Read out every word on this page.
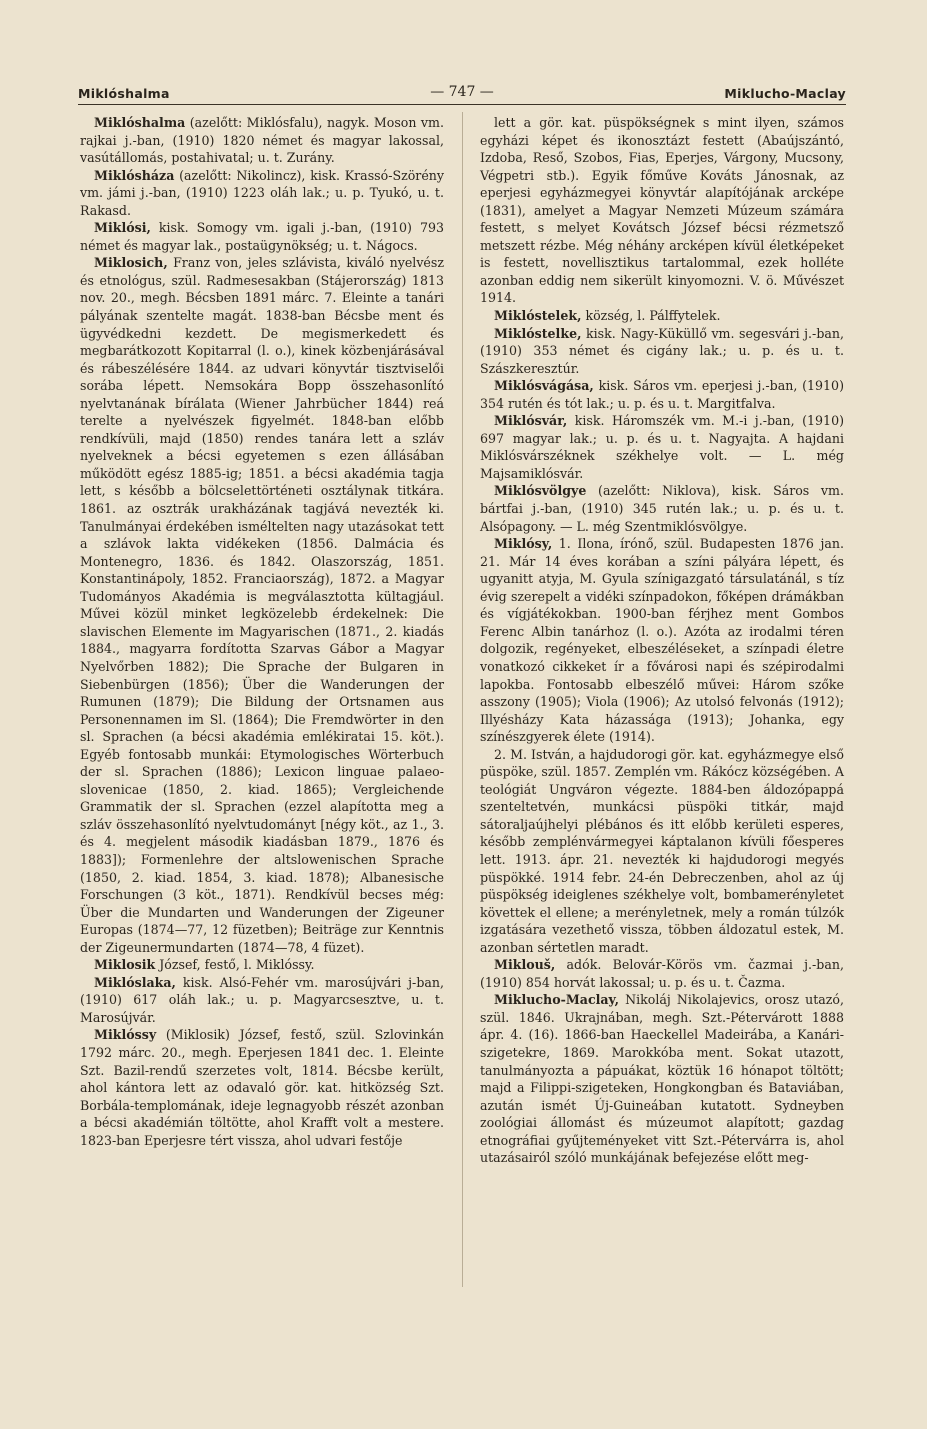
Miklóshalma	— 747 —	Miklucho-Maclay

Miklóshalma (azelőtt: Miklósfalu), nagyk. Moson vm. rajkai j.-ban, (1910) 1820 német és magyar lakossal, vasútállomás, postahivatal; u. t. Zurány.

Miklósháza (azelőtt: Nikolincz), kisk. Krassó-Szörény vm. jámi j.-ban, (1910) 1223 oláh lak.; u. p. Tyukó, u. t. Rakasd.

Miklósi, kisk. Somogy vm. igali j.-ban, (1910) 793 német és magyar lak., postaügynökség; u. t. Nágocs.

Miklosich, Franz von, jeles szlávista, kiváló nyelvész és etnológus, szül. Radmesesakban (Stájerország) 1813 nov. 20., megh. Bécsben 1891 márc. 7. Eleinte a tanári pályának szentelte magát. 1838-ban Bécsbe ment és ügyvédkedni kezdett. De megismerkedett és megbarátkozott Kopitarral (l. o.), kinek közbenjárásával és rábeszélésére 1844. az udvari könyvtár tisztviselői sorába lépett. Nemsokára Bopp összehasonlító nyelvtanának bírálata (Wiener Jahrbücher 1844) reá terelte a nyelvészek figyelmét. 1848-ban előbb rendkívüli, majd (1850) rendes tanára lett a szláv nyelveknek a bécsi egyetemen s ezen állásában működött egész 1885-ig; 1851. a bécsi akadémia tagja lett, s később a bölcselettörténeti osztálynak titkára. 1861. az osztrák urakházának tagjává nevezték ki. Tanulmányai érdekében isméltelten nagy utazásokat tett a szlávok lakta vidékeken (1856. Dalmácia és Montenegro, 1836. és 1842. Olaszország, 1851. Konstantinápoly, 1852. Franciaország), 1872. a Magyar Tudományos Akadémia is megválasztotta kültagjául. Művei közül minket legközelebb érdekelnek: Die slavischen Elemente im Magyarischen (1871., 2. kiadás 1884., magyarra fordította Szarvas Gábor a Magyar Nyelvőrben 1882); Die Sprache der Bulgaren in Siebenbürgen (1856); Über die Wanderungen der Rumunen (1879); Die Bildung der Ortsnamen aus Personennamen im Sl. (1864); Die Fremdwörter in den sl. Sprachen (a bécsi akadémia emlékiratai 15. köt.). Egyéb fontosabb munkái: Etymologisches Wörterbuch der sl. Sprachen (1886); Lexicon linguae palaeo-slovenicae (1850, 2. kiad. 1865); Vergleichende Grammatik der sl. Sprachen (ezzel alapította meg a szláv összehasonlító nyelvtudományt [négy köt., az 1., 3. és 4. megjelent második kiadásban 1879., 1876 és 1883]); Formenlehre der altslowenischen Sprache (1850, 2. kiad. 1854, 3. kiad. 1878); Albanesische Forschungen (3 köt., 1871). Rendkívül becses még: Über die Mundarten und Wanderungen der Zigeuner Europas (1874—77, 12 füzetben); Beiträge zur Kenntnis der Zigeunermundarten (1874—78, 4 füzet).

Miklosik József, festő, l. Miklóssy.

Miklóslaka, kisk. Alsó-Fehér vm. marosújvári j-ban, (1910) 617 oláh lak.; u. p. Magyarcsesztve, u. t. Marosújvár.

Miklóssy (Miklosik) József, festő, szül. Szlovinkán 1792 márc. 20., megh. Eperjesen 1841 dec. 1. Eleinte Szt. Bazil-rendű szerzetes volt, 1814. Bécsbe került, ahol kántora lett az odavaló gör. kat. hitközség Szt. Borbála-templomának, ideje legnagyobb részét azonban a bécsi akadémián töltötte, ahol Krafft volt a mestere. 1823-ban Eperjesre tért vissza, ahol udvari festője

lett a gör. kat. püspökségnek s mint ilyen, számos egyházi képet és ikonosztázt festett (Abaújszántó, Izdoba, Reső, Szobos, Fias, Eperjes, Várgony, Mucsony, Végpetri stb.). Egyik főműve Kováts Jánosnak, az eperjesi egyházmegyei könyvtár alapítójának arcképe (1831), amelyet a Magyar Nemzeti Múzeum számára festett, s melyet Kovátsch József bécsi rézmetsző metszett rézbe. Még néhány arcképen kívül életképeket is festett, novellisztikus tartalommal, ezek holléte azonban eddig nem sikerült kinyomozni. V. ö. Művészet 1914.

Miklóstelek, község, l. Pálffytelek.

Miklóstelke, kisk. Nagy-Küküllő vm. segesvári j.-ban, (1910) 353 német és cigány lak.; u. p. és u. t. Szászkeresztúr.

Miklósvágása, kisk. Sáros vm. eperjesi j.-ban, (1910) 354 rutén és tót lak.; u. p. és u. t. Margitfalva.

Miklósvár, kisk. Háromszék vm. M.-i j.-ban, (1910) 697 magyar lak.; u. p. és u. t. Nagyajta. A hajdani Miklósvárszéknek székhelye volt. — L. még Majsamiklósvár.

Miklósvölgye (azelőtt: Niklova), kisk. Sáros vm. bártfai j.-ban, (1910) 345 rutén lak.; u. p. és u. t. Alsópagony. — L. még Szentmiklósvölgye.

Miklósy, 1. Ilona, írónő, szül. Budapesten 1876 jan. 21. Már 14 éves korában a színi pályára lépett, és ugyanitt atyja, M. Gyula színigazgató társulatánál, s tíz évig szerepelt a vidéki színpadokon, főképen drámákban és vígjátékokban. 1900-ban férjhez ment Gombos Ferenc Albin tanárhoz (l. o.). Azóta az irodalmi téren dolgozik, regényeket, elbeszéléseket, a színpadi életre vonatkozó cikkeket ír a fővárosi napi és szépirodalmi lapokba. Fontosabb elbeszélő művei: Három szőke asszony (1905); Viola (1906); Az utolsó felvonás (1912); Illyésházy Kata házassága (1913); Johanka, egy színészgyerek élete (1914).

2. M. István, a hajdudorogi gör. kat. egyházmegye első püspöke, szül. 1857. Zemplén vm. Rákócz községében. A teológiát Ungváron végezte. 1884-ben áldozópappá szenteltetvén, munkácsi püspöki titkár, majd sátoraljaújhelyi plébános és itt előbb kerületi esperes, később zemplénvármegyei káptalanon kívüli főesperes lett. 1913. ápr. 21. nevezték ki hajdudorogi megyés püspökké. 1914 febr. 24-én Debreczenben, ahol az új püspökség ideiglenes székhelye volt, bombamerényletet követtek el ellene; a merényletnek, mely a román túlzók izgatására vezethető vissza, többen áldozatul estek, M. azonban sértetlen maradt.

Miklouš, adók. Belovár-Körös vm. čazmai j.-ban, (1910) 854 horvát lakossal; u. p. és u. t. Čazma.

Miklucho-Maclay, Nikoláj Nikolajevics, orosz utazó, szül. 1846. Ukrajnában, megh. Szt.-Pétervárott 1888 ápr. 4. (16). 1866-ban Haeckellel Madeirába, a Kanári-szigetekre, 1869. Marokkóba ment. Sokat utazott, tanulmányozta a pápuákat, köztük 16 hónapot töltött; majd a Filippi-szigeteken, Hongkongban és Bataviában, azután ismét Új-Guineában kutatott. Sydneyben zoológiai állomást és múzeumot alapított; gazdag etnográfiai gyűjteményeket vitt Szt.-Pétervárra is, ahol utazásairól szóló munkájának befejezése előtt meg-
